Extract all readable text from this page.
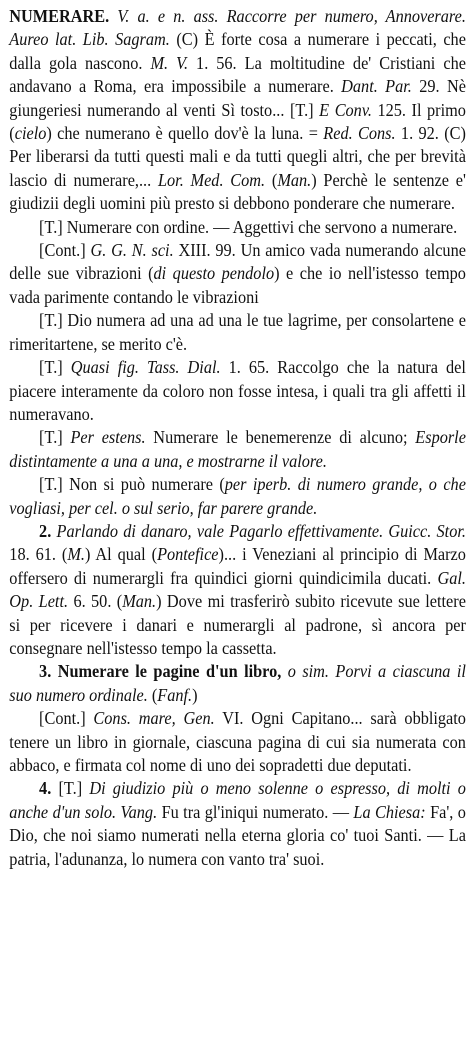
NUMERARE. V. a. e n. ass. Raccorre per numero, Annoverare. Aureo lat. Lib. Sagram. (C) È forte cosa a numerare i peccati, che dalla gola nascono. M. V. 1. 56. La moltitudine de' Cristiani che andavano a Roma, era impossibile a numerare. Dant. Par. 29. Nè giungeriesi numerando al venti Sì tosto... [T.] E Conv. 125. Il primo (cielo) che numerano è quello dov'è la luna. = Red. Cons. 1. 92. (C) Per liberarsi da tutti questi mali e da tutti quegli altri, che per brevità lascio di numerare,... Lor. Med. Com. (Man.) Perchè le sentenze e' giudizii degli uomini più presto si debbono ponderare che numerare.

[T.] Numerare con ordine. — Aggettivi che servono a numerare.

[Cont.] G. G. N. sci. XIII. 99. Un amico vada numerando alcune delle sue vibrazioni (di questo pendolo) e che io nell'istesso tempo vada parimente contando le vibrazioni

[T.] Dio numera ad una ad una le tue lagrime, per consolartene e rimeritartene, se merito c'è.

[T.] Quasi fig. Tass. Dial. 1. 65. Raccolgo che la natura del piacere interamente da coloro non fosse intesa, i quali tra gli affetti il numeravano.

[T.] Per estens. Numerare le benemerenze di alcuno; Esporle distintamente a una a una, e mostrarne il valore.

[T.] Non si può numerare (per iperb. di numero grande, o che vogliasi, per cel. o sul serio, far parere grande.

2. Parlando di danaro, vale Pagarlo effettivamente. Guicc. Stor. 18. 61. (M.) Al qual (Pontefice)... i Veneziani al principio di Marzo offersero di numerargli fra quindici giorni quindicimila ducati. Gal. Op. Lett. 6. 50. (Man.) Dove mi trasferirò subito ricevute sue lettere si per ricevere i danari e numerargli al padrone, sì ancora per consegnare nell'istesso tempo la cassetta.

3. Numerare le pagine d'un libro, o sim. Porvi a ciascuna il suo numero ordinale. (Fanf.)

[Cont.] Cons. mare, Gen. VI. Ogni Capitano... sarà obbligato tenere un libro in giornale, ciascuna pagina di cui sia numerata con abbaco, e firmata col nome di uno dei sopradetti due deputati.

4. [T.] Di giudizio più o meno solenne o espresso, di molti o anche d'un solo. Vang. Fu tra gl'iniqui numerato. — La Chiesa: Fa', o Dio, che noi siamo numerati nella eterna gloria co' tuoi Santi. — La patria, l'adunanza, lo numera con vanto tra' suoi.
